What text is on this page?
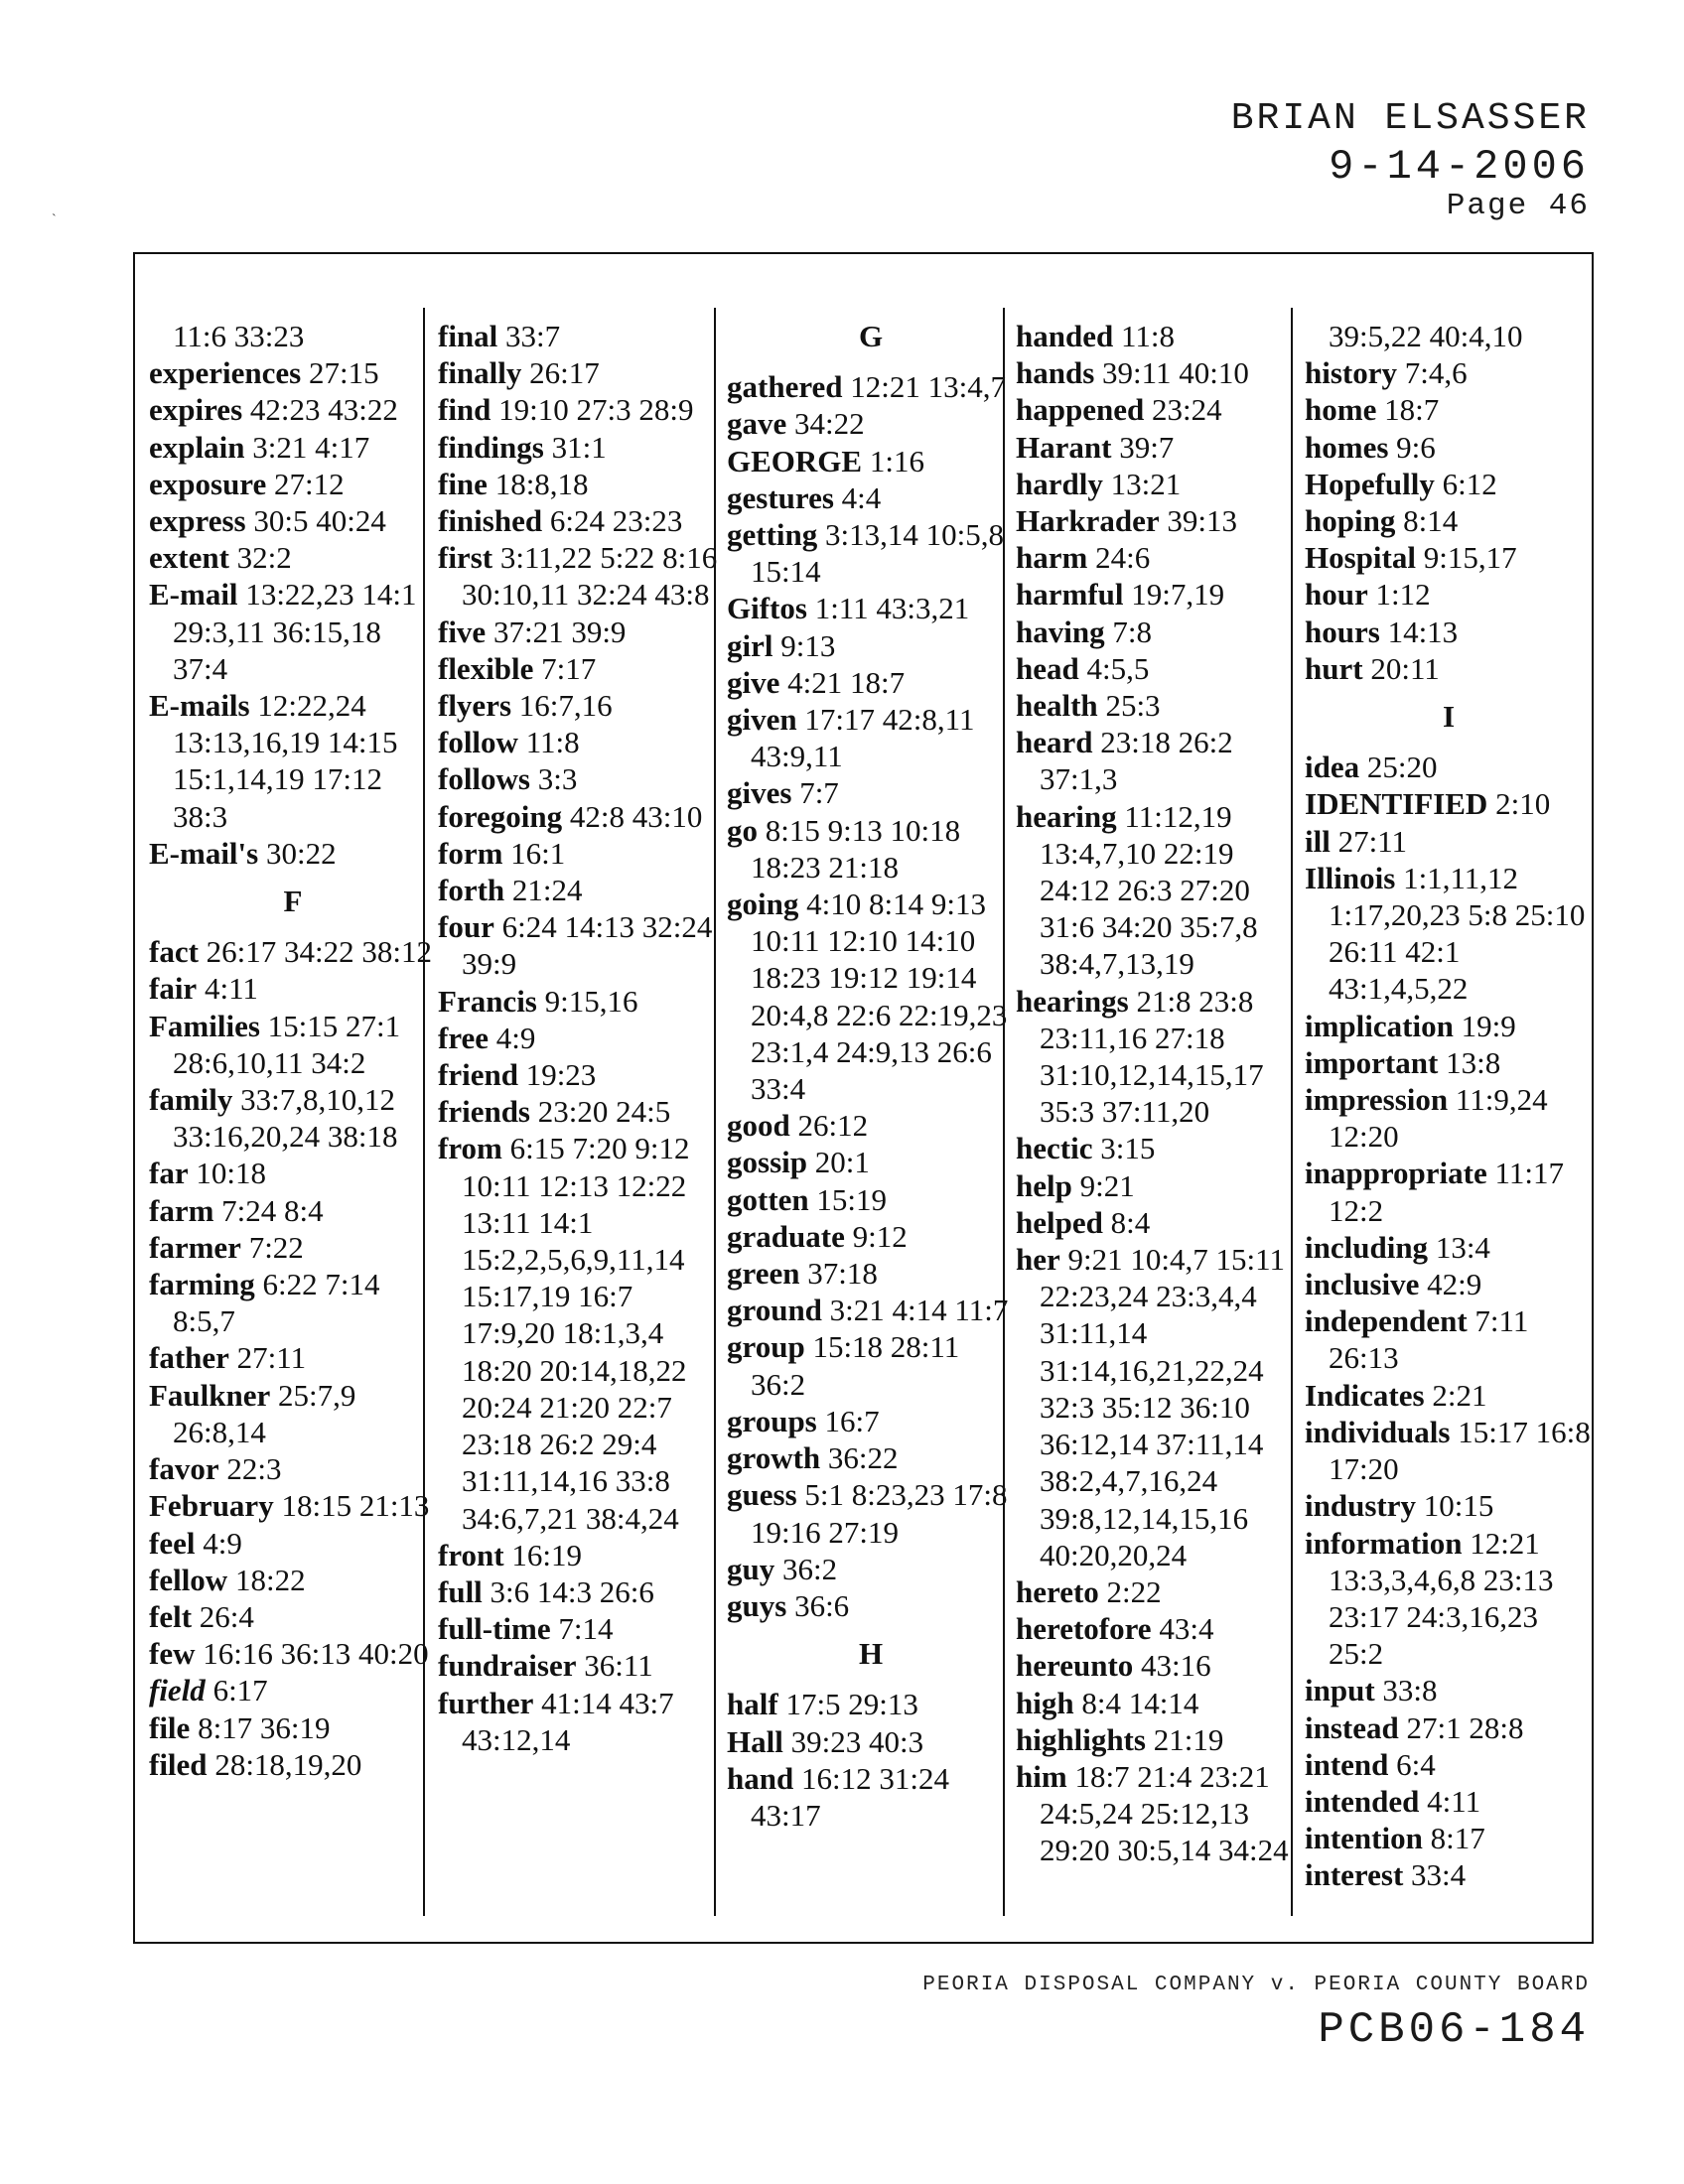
`
BRIAN ELSASSER
9-14-2006
Page 46
11:6 33:23
experiences 27:15
expires 42:23 43:22
explain 3:21 4:17
exposure 27:12
express 30:5 40:24
extent 32:2
E-mail 13:22,23 14:1 29:3,11 36:15,18 37:4
E-mails 12:22,24 13:13,16,19 14:15 15:1,14,19 17:12 38:3
E-mail's 30:22
F
fact 26:17 34:22 38:12
fair 4:11
Families 15:15 27:1 28:6,10,11 34:2
family 33:7,8,10,12 33:16,20,24 38:18
far 10:18
farm 7:24 8:4
farmer 7:22
farming 6:22 7:14 8:5,7
father 27:11
Faulkner 25:7,9 26:8,14
favor 22:3
February 18:15 21:13
feel 4:9
fellow 18:22
felt 26:4
few 16:16 36:13 40:20
field 6:17
file 8:17 36:19
filed 28:18,19,20
final 33:7
finally 26:17
find 19:10 27:3 28:9
findings 31:1
fine 18:8,18
finished 6:24 23:23
first 3:11,22 5:22 8:16 30:10,11 32:24 43:8
five 37:21 39:9
flexible 7:17
flyers 16:7,16
follow 11:8
follows 3:3
foregoing 42:8 43:10
form 16:1
forth 21:24
four 6:24 14:13 32:24 39:9
Francis 9:15,16
free 4:9
friend 19:23
friends 23:20 24:5
from 6:15 7:20 9:12 10:11 12:13 12:22 13:11 14:1 15:2,2,5,6,9,11,14 15:17,19 16:7 17:9,20 18:1,3,4 18:20 20:14,18,22 20:24 21:20 22:7 23:18 26:2 29:4 31:11,14,16 33:8 34:6,7,21 38:4,24
front 16:19
full 3:6 14:3 26:6
full-time 7:14
fundraiser 36:11
further 41:14 43:7 43:12,14
G
gathered 12:21 13:4,7
gave 34:22
GEORGE 1:16
gestures 4:4
getting 3:13,14 10:5,8 15:14
Giftos 1:11 43:3,21
girl 9:13
give 4:21 18:7
given 17:17 42:8,11 43:9,11
gives 7:7
go 8:15 9:13 10:18 18:23 21:18
going 4:10 8:14 9:13 10:11 12:10 14:10 18:23 19:12 19:14 20:4,8 22:6 22:19,23 23:1,4 24:9,13 26:6 33:4
good 26:12
gossip 20:1
gotten 15:19
graduate 9:12
green 37:18
ground 3:21 4:14 11:7
group 15:18 28:11 36:2
groups 16:7
growth 36:22
guess 5:1 8:23,23 17:8 19:16 27:19
guy 36:2
guys 36:6
H
half 17:5 29:13
Hall 39:23 40:3
hand 16:12 31:24 43:17
handed 11:8
hands 39:11 40:10
happened 23:24
Harant 39:7
hardly 13:21
Harkrader 39:13
harm 24:6
harmful 19:7,19
having 7:8
head 4:5,5
health 25:3
heard 23:18 26:2 37:1,3
hearing 11:12,19 13:4,7,10 22:19 24:12 26:3 27:20 31:6 34:20 35:7,8 38:4,7,13,19
hearings 21:8 23:8 23:11,16 27:18 31:10,12,14,15,17 35:3 37:11,20
hectic 3:15
help 9:21
helped 8:4
her 9:21 10:4,7 15:11 22:23,24 23:3,4,4 31:11,14 31:14,16,21,22,24 32:3 35:12 36:10 36:12,14 37:11,14 38:2,4,7,16,24 39:8,12,14,15,16 40:20,20,24
hereto 2:22
heretofore 43:4
hereunto 43:16
high 8:4 14:14
highlights 21:19
him 18:7 21:4 23:21 24:5,24 25:12,13 29:20 30:5,14 34:24
39:5,22 40:4,10
history 7:4,6
home 18:7
homes 9:6
Hopefully 6:12
hoping 8:14
Hospital 9:15,17
hour 1:12
hours 14:13
hurt 20:11
I
idea 25:20
IDENTIFIED 2:10
ill 27:11
Illinois 1:1,11,12 1:17,20,23 5:8 25:10 26:11 42:1 43:1,4,5,22
implication 19:9
important 13:8
impression 11:9,24 12:20
inappropriate 11:17 12:2
including 13:4
inclusive 42:9
independent 7:11 26:13
Indicates 2:21
individuals 15:17 16:8 17:20
industry 10:15
information 12:21 13:3,3,4,6,8 23:13 23:17 24:3,16,23 25:2
input 33:8
instead 27:1 28:8
intend 6:4
intended 4:11
intention 8:17
interest 33:4
PEORIA DISPOSAL COMPANY v. PEORIA COUNTY BOARD
PCB06-184
